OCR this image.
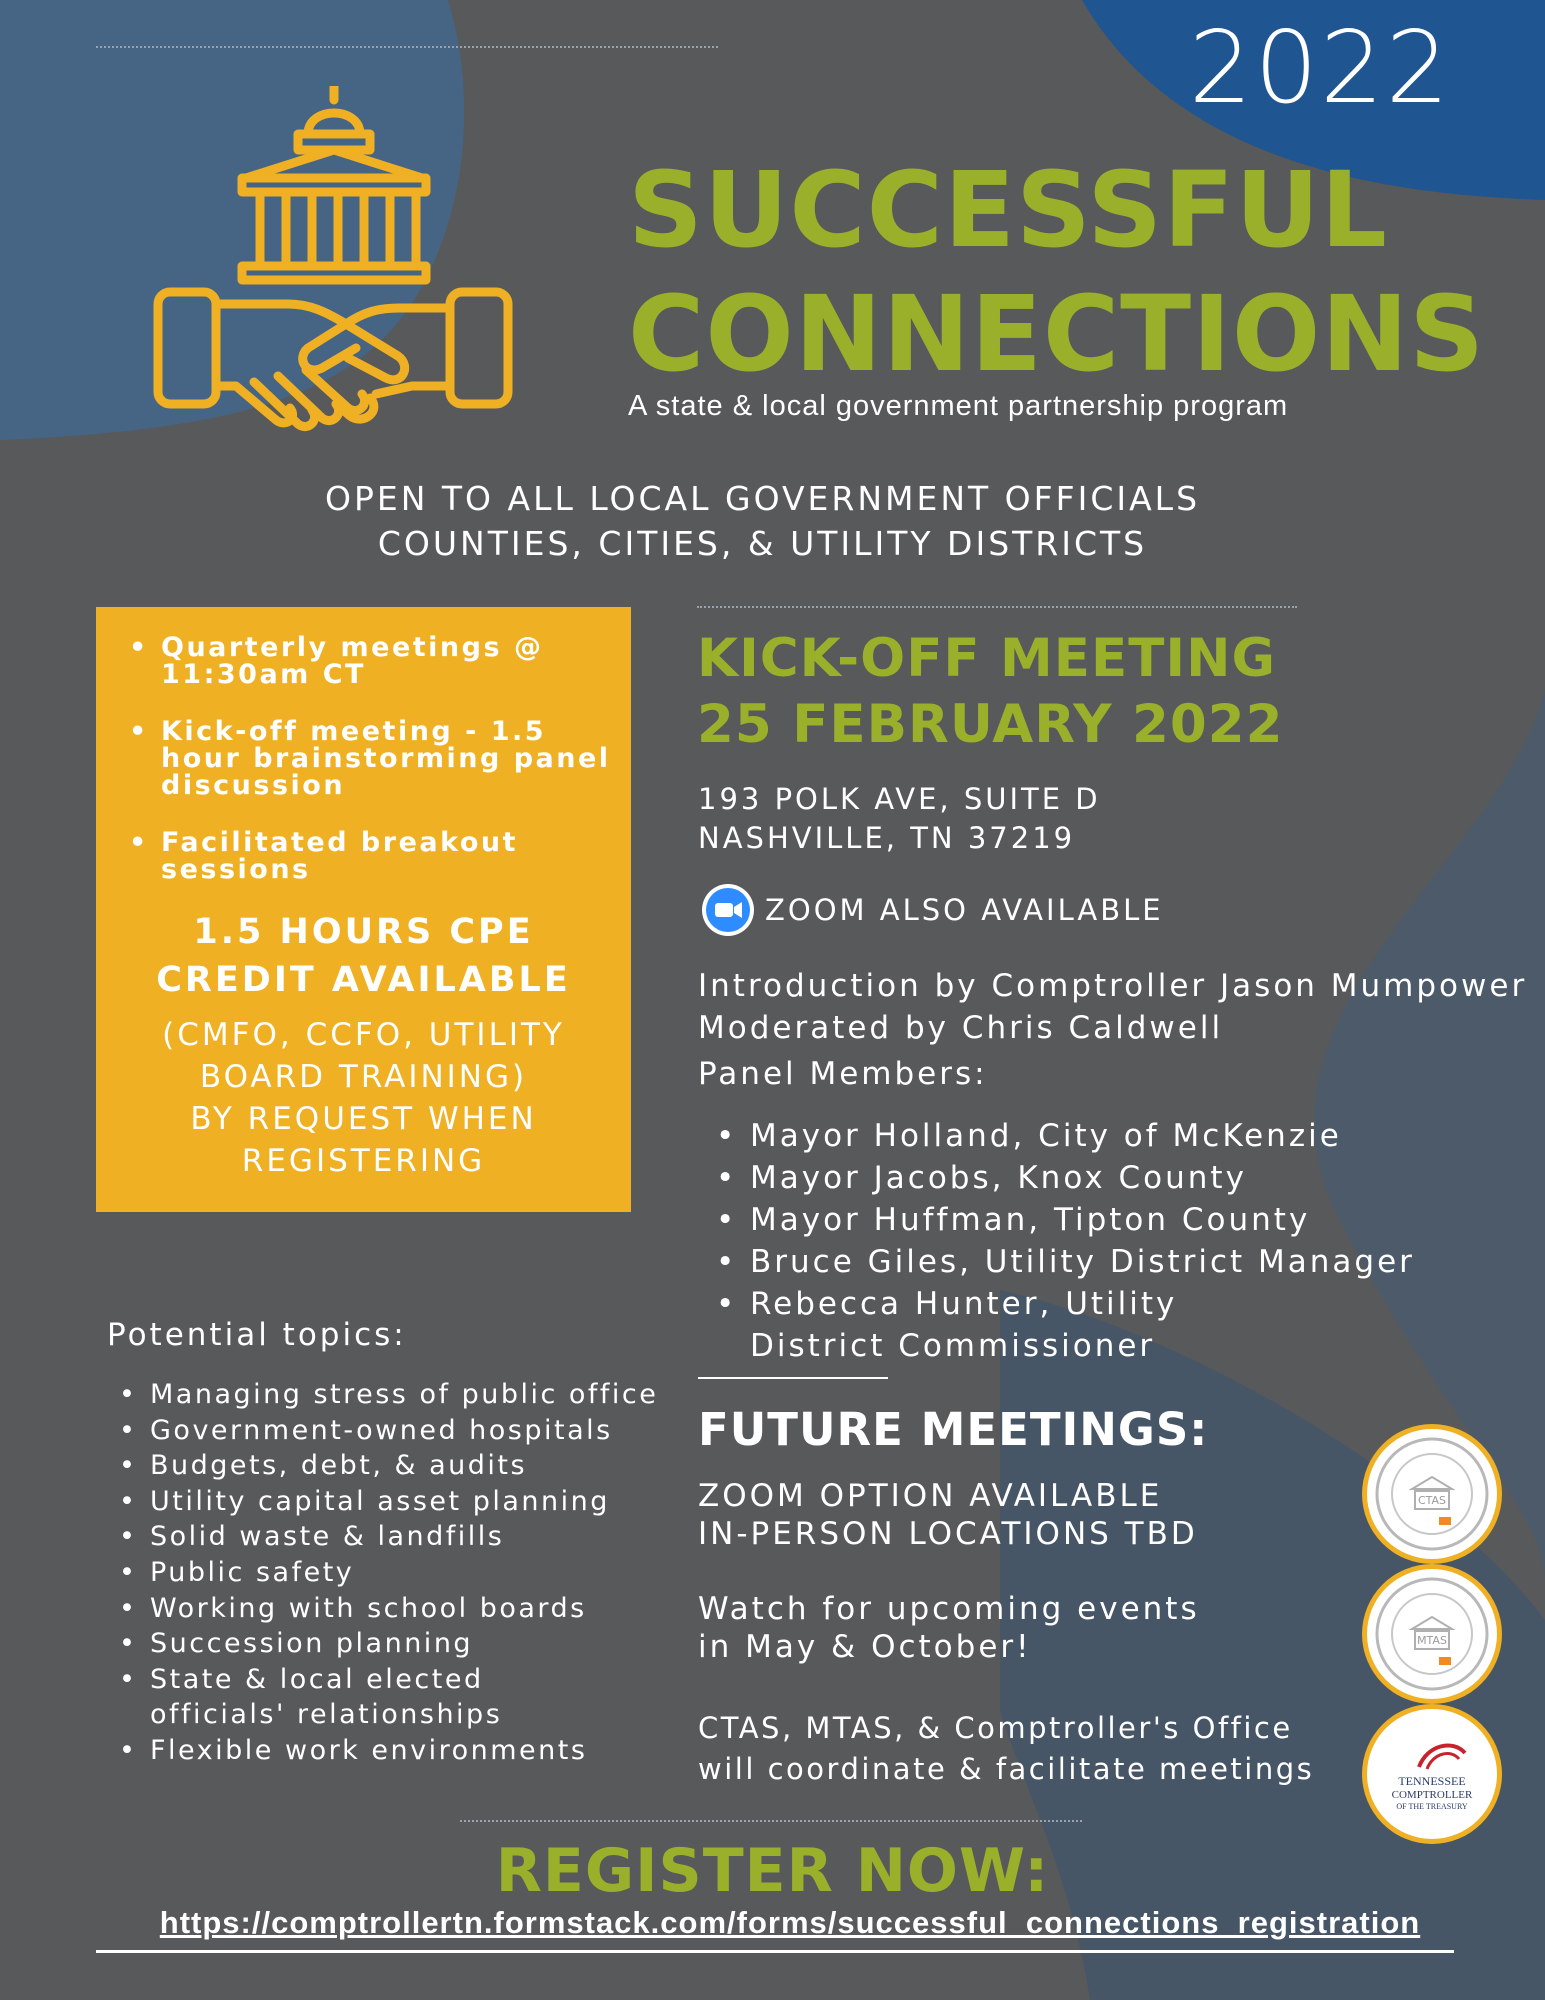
2022
SUCCESSFUL
CONNECTIONS
A state & local government partnership program
OPEN TO ALL LOCAL GOVERNMENT OFFICIALS
COUNTIES, CITIES, & UTILITY DISTRICTS
• Quarterly meetings @ 11:30am CT
• Kick-off meeting - 1.5 hour brainstorming panel discussion
• Facilitated breakout sessions
1.5 HOURS CPE
CREDIT AVAILABLE
(CMFO, CCFO, UTILITY
BOARD TRAINING)
BY REQUEST WHEN
REGISTERING
KICK-OFF MEETING
25 FEBRUARY 2022
193 POLK AVE, SUITE D
NASHVILLE, TN 37219
ZOOM ALSO AVAILABLE
Introduction by Comptroller Jason Mumpower
Moderated by Chris Caldwell
Panel Members:
• Mayor Holland, City of McKenzie
• Mayor Jacobs, Knox County
• Mayor Huffman, Tipton County
• Bruce Giles, Utility District Manager
• Rebecca Hunter, Utility District Commissioner
FUTURE MEETINGS:
ZOOM OPTION AVAILABLE
IN-PERSON LOCATIONS TBD
Watch for upcoming events
in May & October!
CTAS, MTAS, & Comptroller's Office
will coordinate & facilitate meetings
Potential topics:
• Managing stress of public office
• Government-owned hospitals
• Budgets, debt, & audits
• Utility capital asset planning
• Solid waste & landfills
• Public safety
• Working with school boards
• Succession planning
• State & local elected officials' relationships
• Flexible work environments
CTAS
MTAS
TENNESSEE
COMPTROLLER
OF THE TREASURY
REGISTER NOW:
https://comptrollertn.formstack.com/forms/successful_connections_registration
